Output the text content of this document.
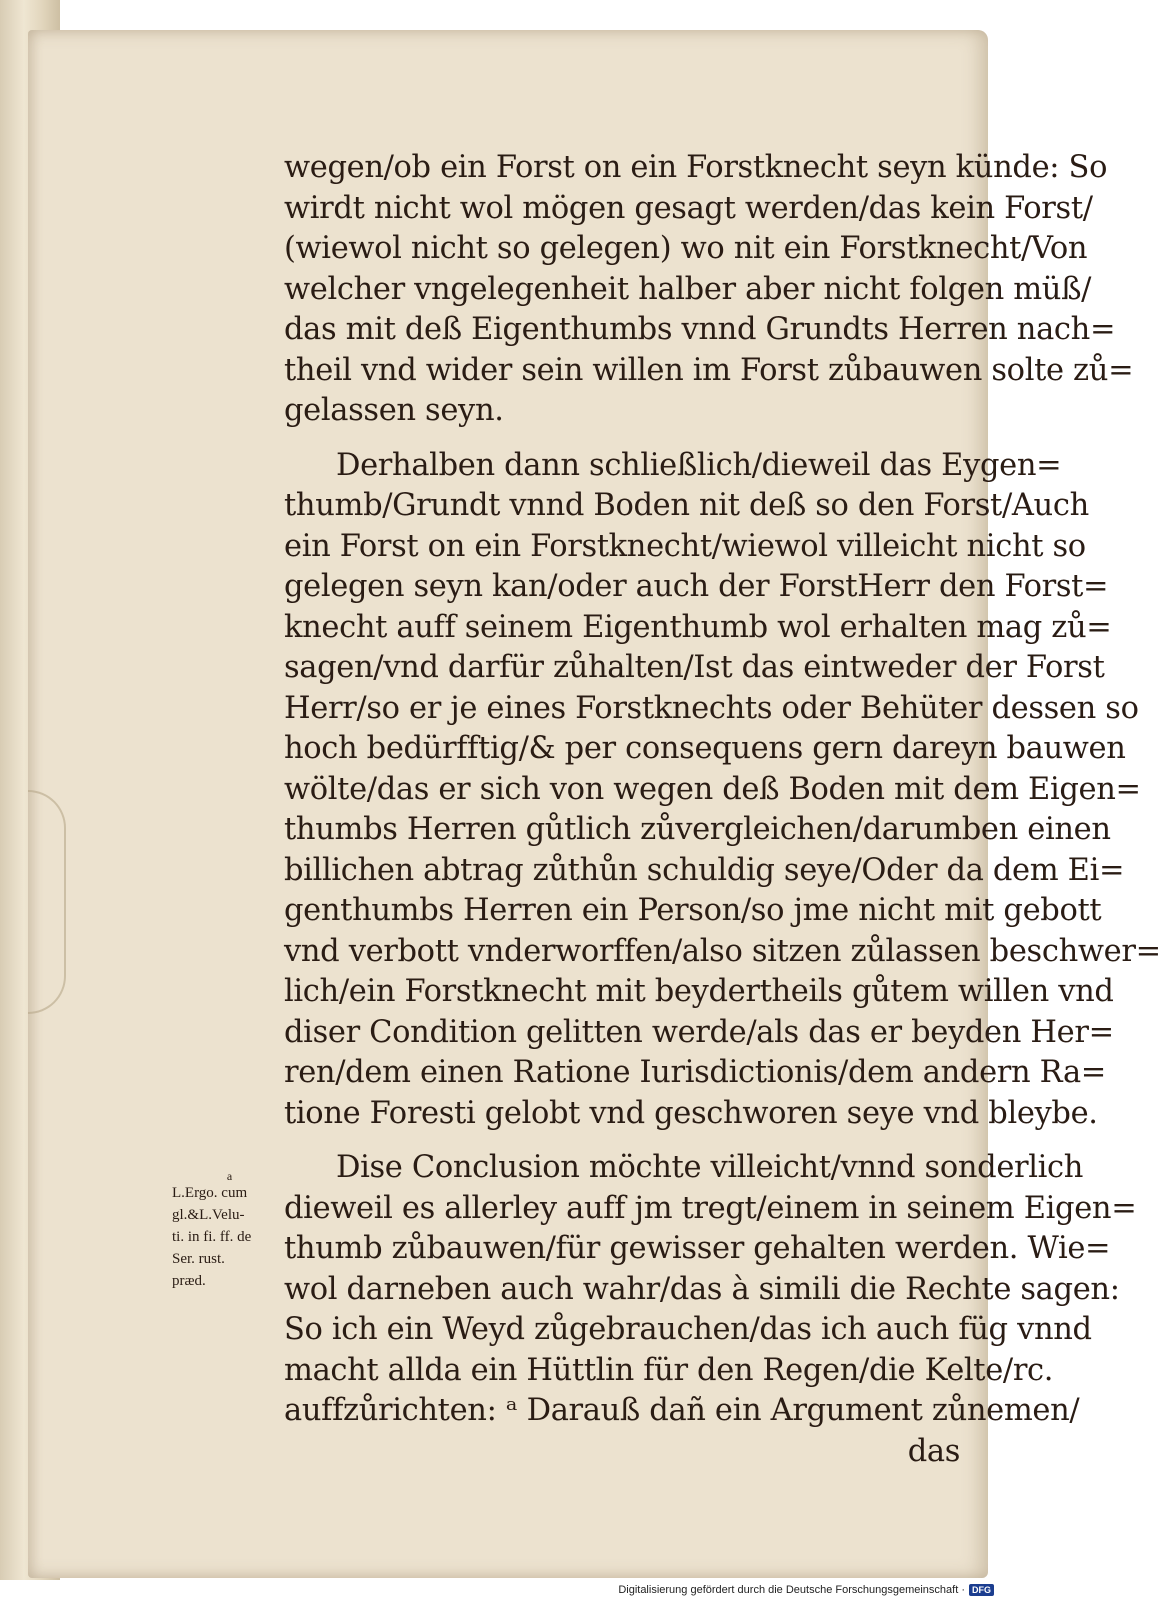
wegen/ob ein Forst on ein Forstknecht seyn künde: So
wirdt nicht wol mögen gesagt werden/das kein Forst/
(wiewol nicht so gelegen) wo nit ein Forstknecht/Von
welcher vngelegenheit halber aber nicht folgen müß/
das mit deß Eigenthumbs vnnd Grundts Herren nach=
theil vnd wider sein willen im Forst zůbauwen solte zů=
gelassen seyn.
Derhalben dann schließlich/dieweil das Eygen=
thumb/Grundt vnnd Boden nit deß so den Forst/Auch
ein Forst on ein Forstknecht/wiewol villeicht nicht so
gelegen seyn kan/oder auch der ForstHerr den Forst=
knecht auff seinem Eigenthumb wol erhalten mag zů=
sagen/vnd darfür zůhalten/Ist das eintweder der Forst
Herr/so er je eines Forstknechts oder Behüter dessen so
hoch bedürfftig/& per consequens gern dareyn bauwen
wölte/das er sich von wegen deß Boden mit dem Eigen=
thumbs Herren gůtlich zůvergleichen/darumben einen
billichen abtrag zůthůn schuldig seye/Oder da dem Ei=
genthumbs Herren ein Person/so jme nicht mit gebott
vnd verbott vnderworffen/also sitzen zůlassen beschwer=
lich/ein Forstknecht mit beydertheils gůtem willen vnd
diser Condition gelitten werde/als das er beyden Her=
ren/dem einen Ratione Iurisdictionis/dem andern Ra=
tione Foresti gelobt vnd geschworen seye vnd bleybe.
Dise Conclusion möchte villeicht/vnnd sonderlich
dieweil es allerley auff jm tregt/einem in seinem Eigen=
thumb zůbauwen/für gewisser gehalten werden. Wie=
wol darneben auch wahr/das à simili die Rechte sagen:
So ich ein Weyd zůgebrauchen/das ich auch füg vnnd
macht allda ein Hüttlin für den Regen/die Kelte/rc.
auffzůrichten: ᵃ Darauß dañ ein Argument zůnemen/
das
a
L.Ergo. cum
gl.&L.Velu-
ti. in fi. ff. de
Ser. rust.
præd.
Digitalisierung gefördert durch die Deutsche Forschungsgemeinschaft · DFG
